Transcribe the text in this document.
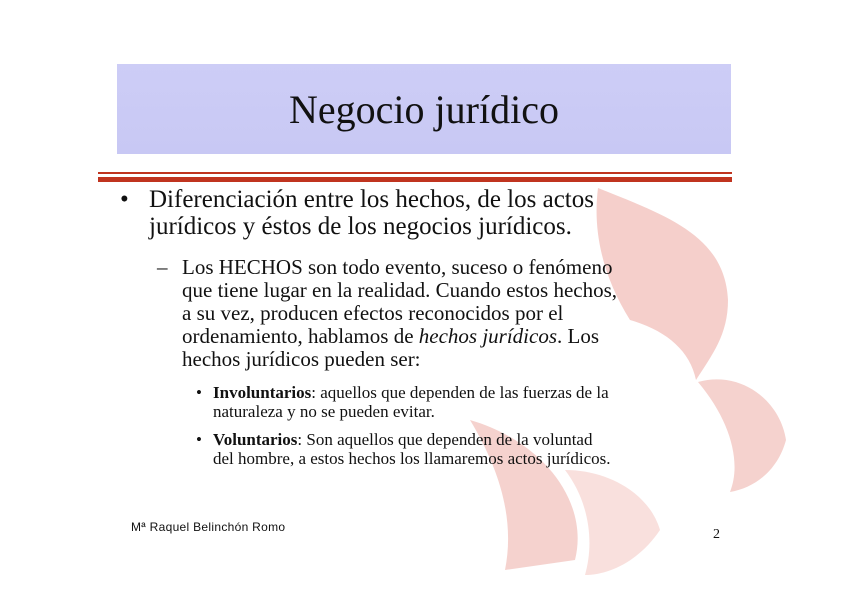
Negocio jurídico
• Diferenciación entre los hechos, de los actos
jurídicos y éstos de los negocios jurídicos.
– Los HECHOS son todo evento, suceso o fenómeno
que tiene lugar en la realidad. Cuando estos hechos,
a su vez, producen efectos reconocidos por el
ordenamiento, hablamos de hechos jurídicos. Los
hechos jurídicos pueden ser:
• Involuntarios: aquellos que dependen de las fuerzas de la
naturaleza y no se pueden evitar.
• Voluntarios: Son aquellos que dependen de la voluntad
del hombre, a estos hechos los llamaremos actos jurídicos.
Mª Raquel Belinchón Romo	2
